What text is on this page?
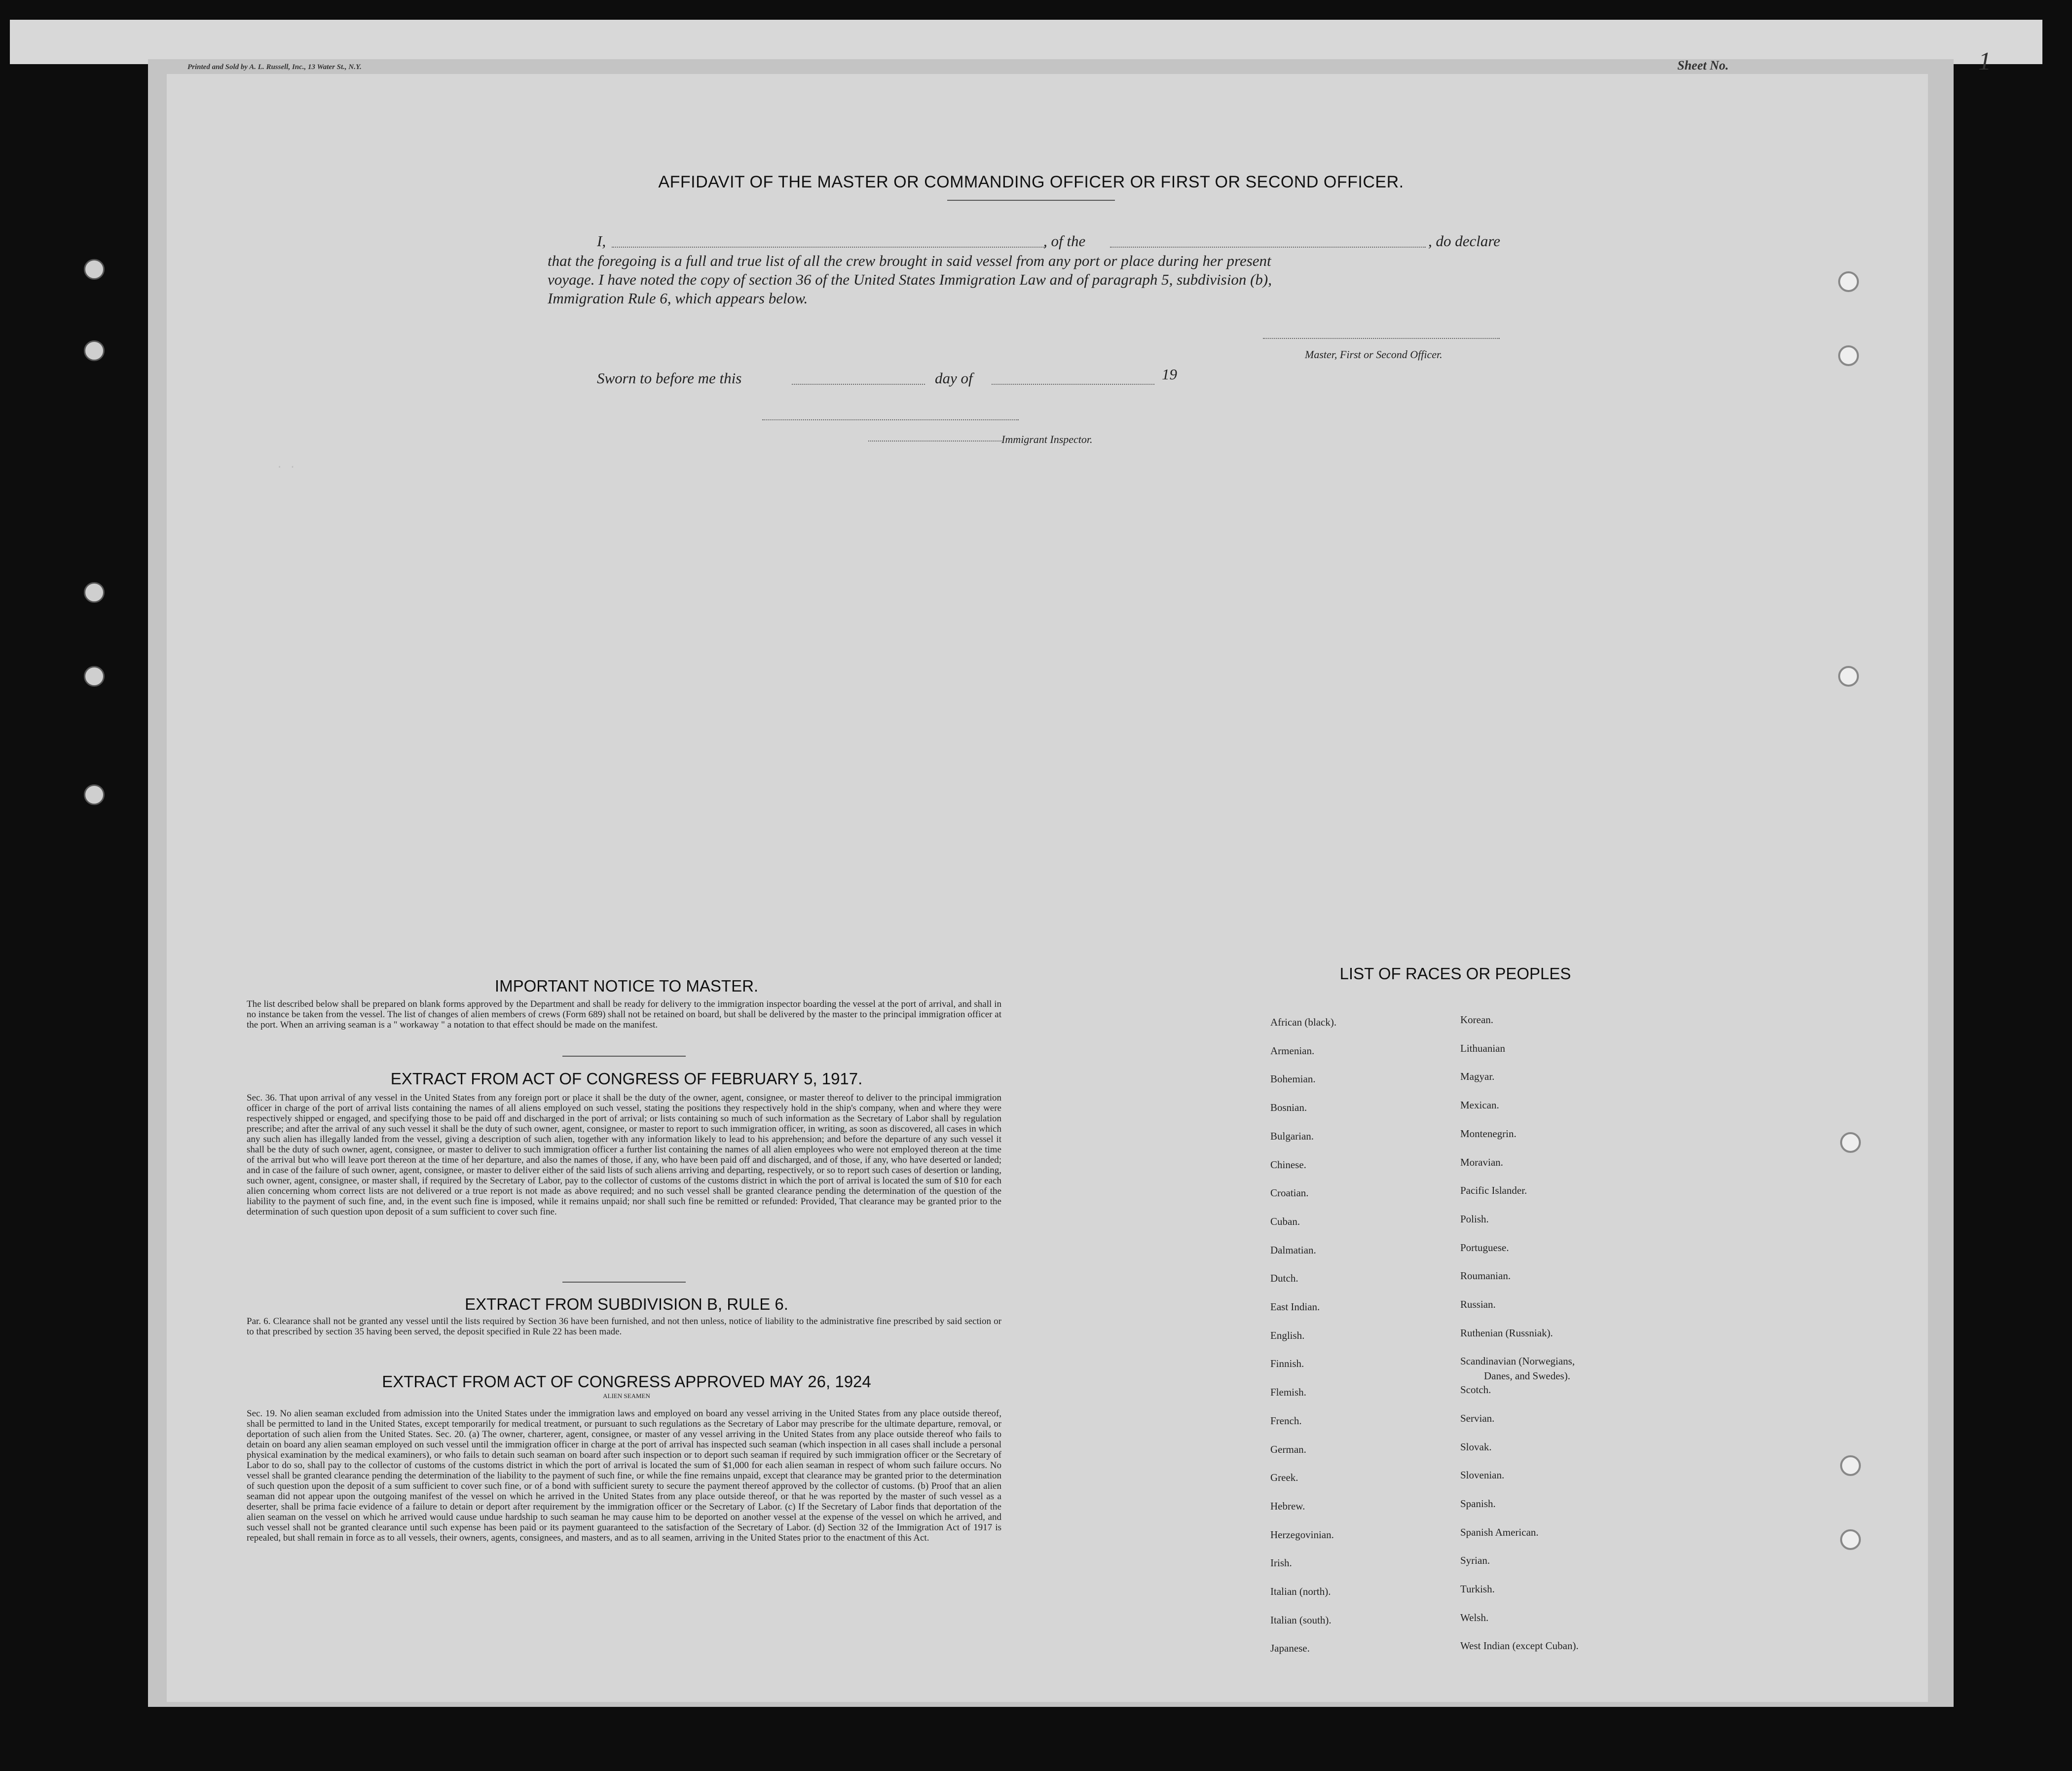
Printed and Sold by A. L. Russell, Inc., 13 Water St., N.Y.	Sheet No.	1
AFFIDAVIT OF THE MASTER OR COMMANDING OFFICER OR FIRST OR SECOND OFFICER.
I,	, of the	, do declare
that the foregoing is a full and true list of all the crew brought in said vessel from any port or place during her present
voyage. I have noted the copy of section 36 of the United States Immigration Law and of paragraph 5, subdivision (b),
Immigration Rule 6, which appears below.
Master, First or Second Officer.
Sworn to before me this	day of	19
Immigrant Inspector.
. .
IMPORTANT NOTICE TO MASTER.
The list described below shall be prepared on blank forms approved by the Department and shall be ready for delivery to the immigration inspector boarding the vessel at the port of arrival, and shall in no instance be taken from the vessel. The list of changes of alien members of crews (Form 689) shall not be retained on board, but shall be delivered by the master to the principal immigration officer at the port. When an arriving seaman is a " workaway " a notation to that effect should be made on the manifest.
EXTRACT FROM ACT OF CONGRESS OF FEBRUARY 5, 1917.
Sec. 36. That upon arrival of any vessel in the United States from any foreign port or place it shall be the duty of the owner, agent, consignee, or master thereof to deliver to the principal immigration officer in charge of the port of arrival lists containing the names of all aliens employed on such vessel, stating the positions they respectively hold in the ship's company, when and where they were respectively shipped or engaged, and specifying those to be paid off and discharged in the port of arrival; or lists containing so much of such information as the Secretary of Labor shall by regulation prescribe; and after the arrival of any such vessel it shall be the duty of such owner, agent, consignee, or master to report to such immigration officer, in writing, as soon as discovered, all cases in which any such alien has illegally landed from the vessel, giving a description of such alien, together with any information likely to lead to his apprehension; and before the departure of any such vessel it shall be the duty of such owner, agent, consignee, or master to deliver to such immigration officer a further list containing the names of all alien employees who were not employed thereon at the time of the arrival but who will leave port thereon at the time of her departure, and also the names of those, if any, who have been paid off and discharged, and of those, if any, who have deserted or landed; and in case of the failure of such owner, agent, consignee, or master to deliver either of the said lists of such aliens arriving and departing, respectively, or so to report such cases of desertion or landing, such owner, agent, consignee, or master shall, if required by the Secretary of Labor, pay to the collector of customs of the customs district in which the port of arrival is located the sum of $10 for each alien concerning whom correct lists are not delivered or a true report is not made as above required; and no such vessel shall be granted clearance pending the determination of the question of the liability to the payment of such fine, and, in the event such fine is imposed, while it remains unpaid; nor shall such fine be remitted or refunded: Provided, That clearance may be granted prior to the determination of such question upon deposit of a sum sufficient to cover such fine.
EXTRACT FROM SUBDIVISION B, RULE 6.
Par. 6. Clearance shall not be granted any vessel until the lists required by Section 36 have been furnished, and not then unless, notice of liability to the administrative fine prescribed by said section or to that prescribed by section 35 having been served, the deposit specified in Rule 22 has been made.
EXTRACT FROM ACT OF CONGRESS APPROVED MAY 26, 1924
ALIEN SEAMEN
Sec. 19. No alien seaman excluded from admission into the United States under the immigration laws and employed on board any vessel arriving in the United States from any place outside thereof, shall be permitted to land in the United States, except temporarily for medical treatment, or pursuant to such regulations as the Secretary of Labor may prescribe for the ultimate departure, removal, or deportation of such alien from the United States. Sec. 20. (a) The owner, charterer, agent, consignee, or master of any vessel arriving in the United States from any place outside thereof who fails to detain on board any alien seaman employed on such vessel until the immigration officer in charge at the port of arrival has inspected such seaman (which inspection in all cases shall include a personal physical examination by the medical examiners), or who fails to detain such seaman on board after such inspection or to deport such seaman if required by such immigration officer or the Secretary of Labor to do so, shall pay to the collector of customs of the customs district in which the port of arrival is located the sum of $1,000 for each alien seaman in respect of whom such failure occurs. No vessel shall be granted clearance pending the determination of the liability to the payment of such fine, or while the fine remains unpaid, except that clearance may be granted prior to the determination of such question upon the deposit of a sum sufficient to cover such fine, or of a bond with sufficient surety to secure the payment thereof approved by the collector of customs. (b) Proof that an alien seaman did not appear upon the outgoing manifest of the vessel on which he arrived in the United States from any place outside thereof, or that he was reported by the master of such vessel as a deserter, shall be prima facie evidence of a failure to detain or deport after requirement by the immigration officer or the Secretary of Labor. (c) If the Secretary of Labor finds that deportation of the alien seaman on the vessel on which he arrived would cause undue hardship to such seaman he may cause him to be deported on another vessel at the expense of the vessel on which he arrived, and such vessel shall not be granted clearance until such expense has been paid or its payment guaranteed to the satisfaction of the Secretary of Labor. (d) Section 32 of the Immigration Act of 1917 is repealed, but shall remain in force as to all vessels, their owners, agents, consignees, and masters, and as to all seamen, arriving in the United States prior to the enactment of this Act.
LIST OF RACES OR PEOPLES
African (black).
Armenian.
Bohemian.
Bosnian.
Bulgarian.
Chinese.
Croatian.
Cuban.
Dalmatian.
Dutch.
East Indian.
English.
Finnish.
Flemish.
French.
German.
Greek.
Hebrew.
Herzegovinian.
Irish.
Italian (north).
Italian (south).
Japanese.
Korean.
Lithuanian
Magyar.
Mexican.
Montenegrin.
Moravian.
Pacific Islander.
Polish.
Portuguese.
Roumanian.
Russian.
Ruthenian (Russniak).
Scandinavian (Norwegians,
Scotch.
Servian.
Slovak.
Slovenian.
Spanish.
Spanish American.
Syrian.
Turkish.
Welsh.
West Indian (except Cuban).
Danes, and Swedes).
